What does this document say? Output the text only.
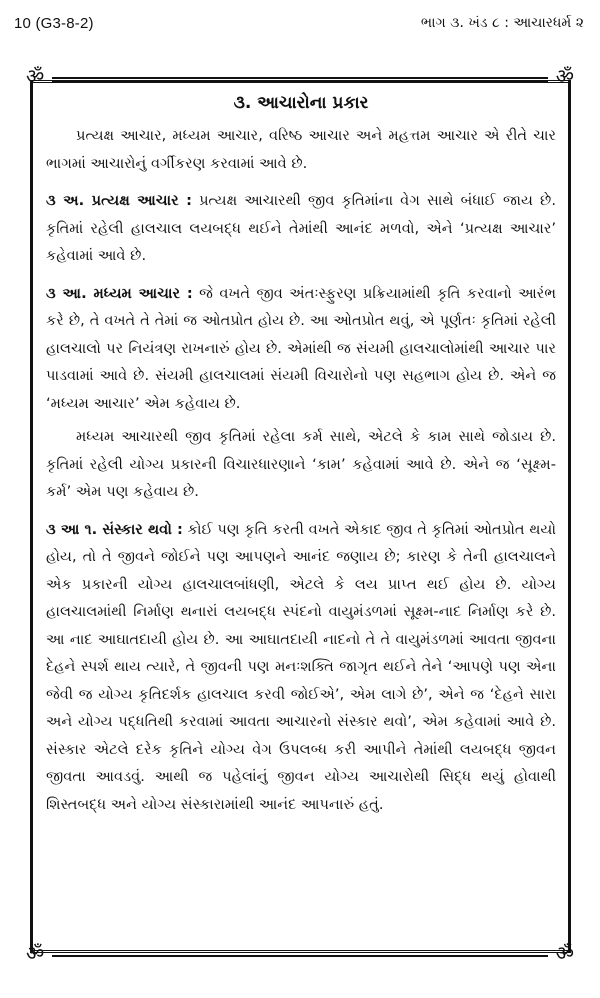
10 (G3-8-2)	ભાગ ૩. ખંડ ૮ : આચારધર્મ ૨
ॐ	ॐ
ॐ	ॐ
૩. આચારોના પ્રકાર

પ્રત્યક્ષ આચાર, મધ્યમ આચાર, વરિષ્ઠ આચાર અને મહત્તમ આચાર એ રીતે ચાર ભાગમાં આચારોનું વર્ગીકરણ કરવામાં આવે છે.

૩ અ. પ્રત્યક્ષ આચાર : પ્રત્યક્ષ આચારથી જીવ કૃતિમાંના વેગ સાથે બંધાઈ જાય છે. કૃતિમાં રહેલી હાલચાલ લયબદ્ધ થઈને તેમાંથી આનંદ મળવો, એને ‘પ્રત્યક્ષ આચાર’ કહેવામાં આવે છે.

૩ આ. મધ્યમ આચાર : જે વખતે જીવ અંતઃસ્ફુરણ પ્રક્રિયામાંથી કૃતિ કરવાનો આરંભ કરે છે, તે વખતે તે તેમાં જ ઓતપ્રોત હોય છે. આ ઓતપ્રોત થવું, એ પૂર્ણતઃ કૃતિમાં રહેલી હાલચાલો પર નિયંત્રણ રાખનારું હોય છે. એમાંથી જ સંયમી હાલચાલોમાંથી આચાર પાર પાડવામાં આવે છે. સંયમી હાલચાલમાં સંયમી વિચારોનો પણ સહભાગ હોય છે. એને જ ‘મધ્યમ આચાર’ એમ કહેવાય છે.

મધ્યમ આચારથી જીવ કૃતિમાં રહેલા કર્મ સાથે, એટલે કે કામ સાથે જોડાય છે. કૃતિમાં રહેલી યોગ્ય પ્રકારની વિચારધારણાને ‘કામ’ કહેવામાં આવે છે. એને જ ‘સૂક્ષ્મ-કર્મ’ એમ પણ કહેવાય છે.

૩ આ ૧. સંસ્કાર થવો : કોઈ પણ કૃતિ કરતી વખતે એકાદ જીવ તે કૃતિમાં ઓતપ્રોત થયો હોય, તો તે જીવને જોઈને પણ આપણને આનંદ જણાય છે; કારણ કે તેની હાલચાલને એક પ્રકારની યોગ્ય હાલચાલબાંધણી, એટલે કે લય પ્રાપ્ત થઈ હોય છે. યોગ્ય હાલચાલમાંથી નિર્માણ થનારાં લયબદ્ધ સ્પંદનો વાયુમંડળમાં સૂક્ષ્મ-નાદ નિર્માણ કરે છે. આ નાદ આઘાતદાયી હોય છે. આ આઘાતદાયી નાદનો તે તે વાયુમંડળમાં આવતા જીવના દેહને સ્પર્શ થાય ત્યારે, તે જીવની પણ મનઃશક્તિ જાગૃત થઈને તેને ‘આપણે પણ એના જેવી જ યોગ્ય કૃતિદર્શક હાલચાલ કરવી જોઈએ’, એમ લાગે છે’, એને જ ‘દેહને સારા અને યોગ્ય પદ્ધતિથી કરવામાં આવતા આચારનો સંસ્કાર થવો’, એમ કહેવામાં આવે છે. સંસ્કાર એટલે દરેક કૃતિને યોગ્ય વેગ ઉપલબ્ધ કરી આપીને તેમાંથી લયબદ્ધ જીવન જીવતા આવડવું. આથી જ પહેલાંનું જીવન યોગ્ય આચારોથી સિદ્ધ થયું હોવાથી શિસ્તબદ્ધ અને યોગ્ય સંસ્કારામાંથી આનંદ આપનારું હતું.
